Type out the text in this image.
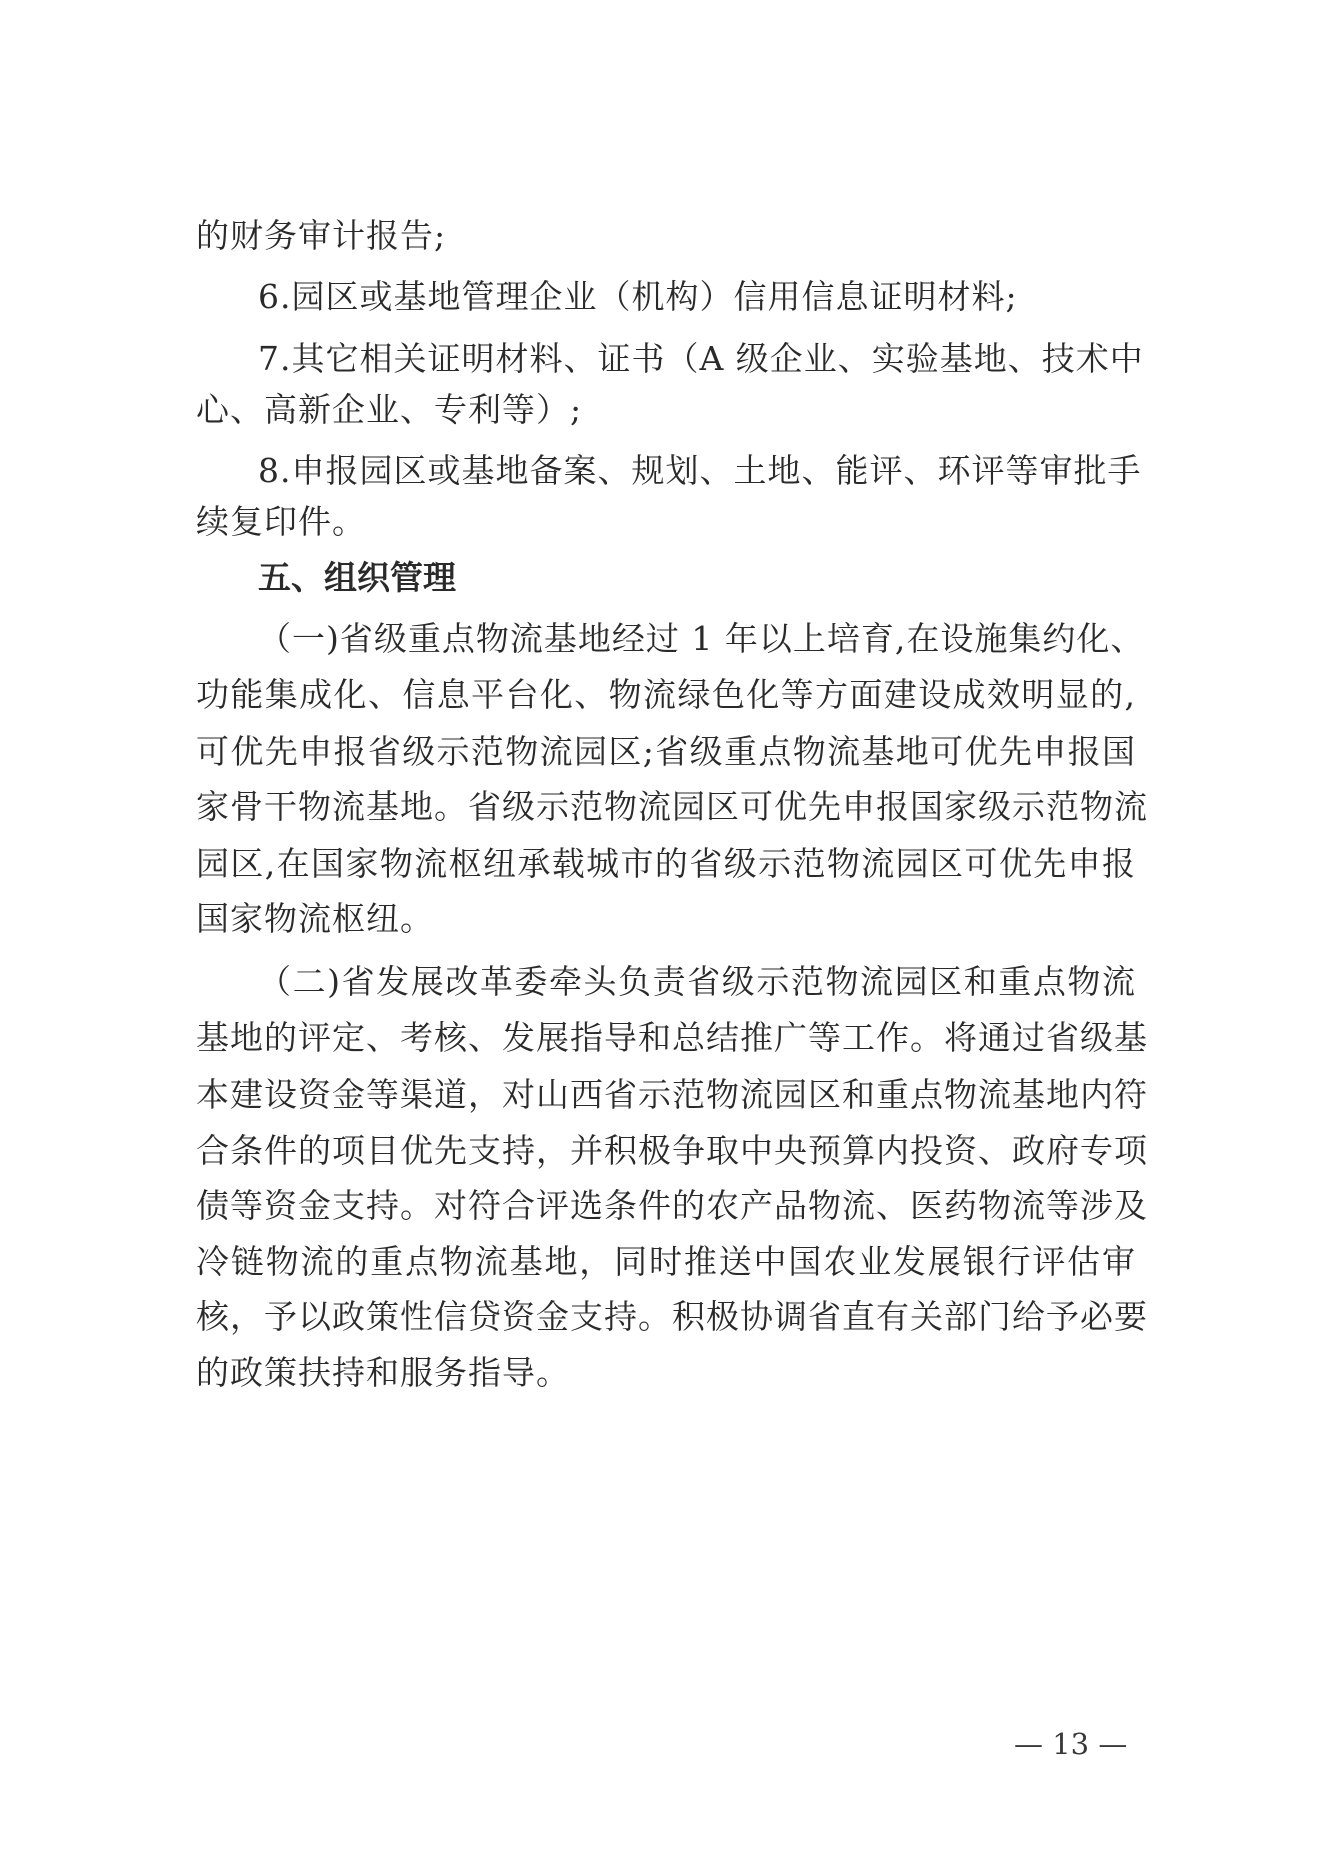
的财务审计报告;
6.园区或基地管理企业（机构）信用信息证明材料;
7.其它相关证明材料、证书（A 级企业、实验基地、技术中
心、高新企业、专利等）;
8.申报园区或基地备案、规划、土地、能评、环评等审批手
续复印件。
五、组织管理
（一)省级重点物流基地经过 1 年以上培育,在设施集约化、
功能集成化、信息平台化、物流绿色化等方面建设成效明显的,
可优先申报省级示范物流园区;省级重点物流基地可优先申报国
家骨干物流基地。省级示范物流园区可优先申报国家级示范物流
园区,在国家物流枢纽承载城市的省级示范物流园区可优先申报
国家物流枢纽。
（二)省发展改革委牵头负责省级示范物流园区和重点物流
基地的评定、考核、发展指导和总结推广等工作。将通过省级基
本建设资金等渠道，对山西省示范物流园区和重点物流基地内符
合条件的项目优先支持，并积极争取中央预算内投资、政府专项
债等资金支持。对符合评选条件的农产品物流、医药物流等涉及
冷链物流的重点物流基地，同时推送中国农业发展银行评估审
核，予以政策性信贷资金支持。积极协调省直有关部门给予必要
的政策扶持和服务指导。
— 13 —
